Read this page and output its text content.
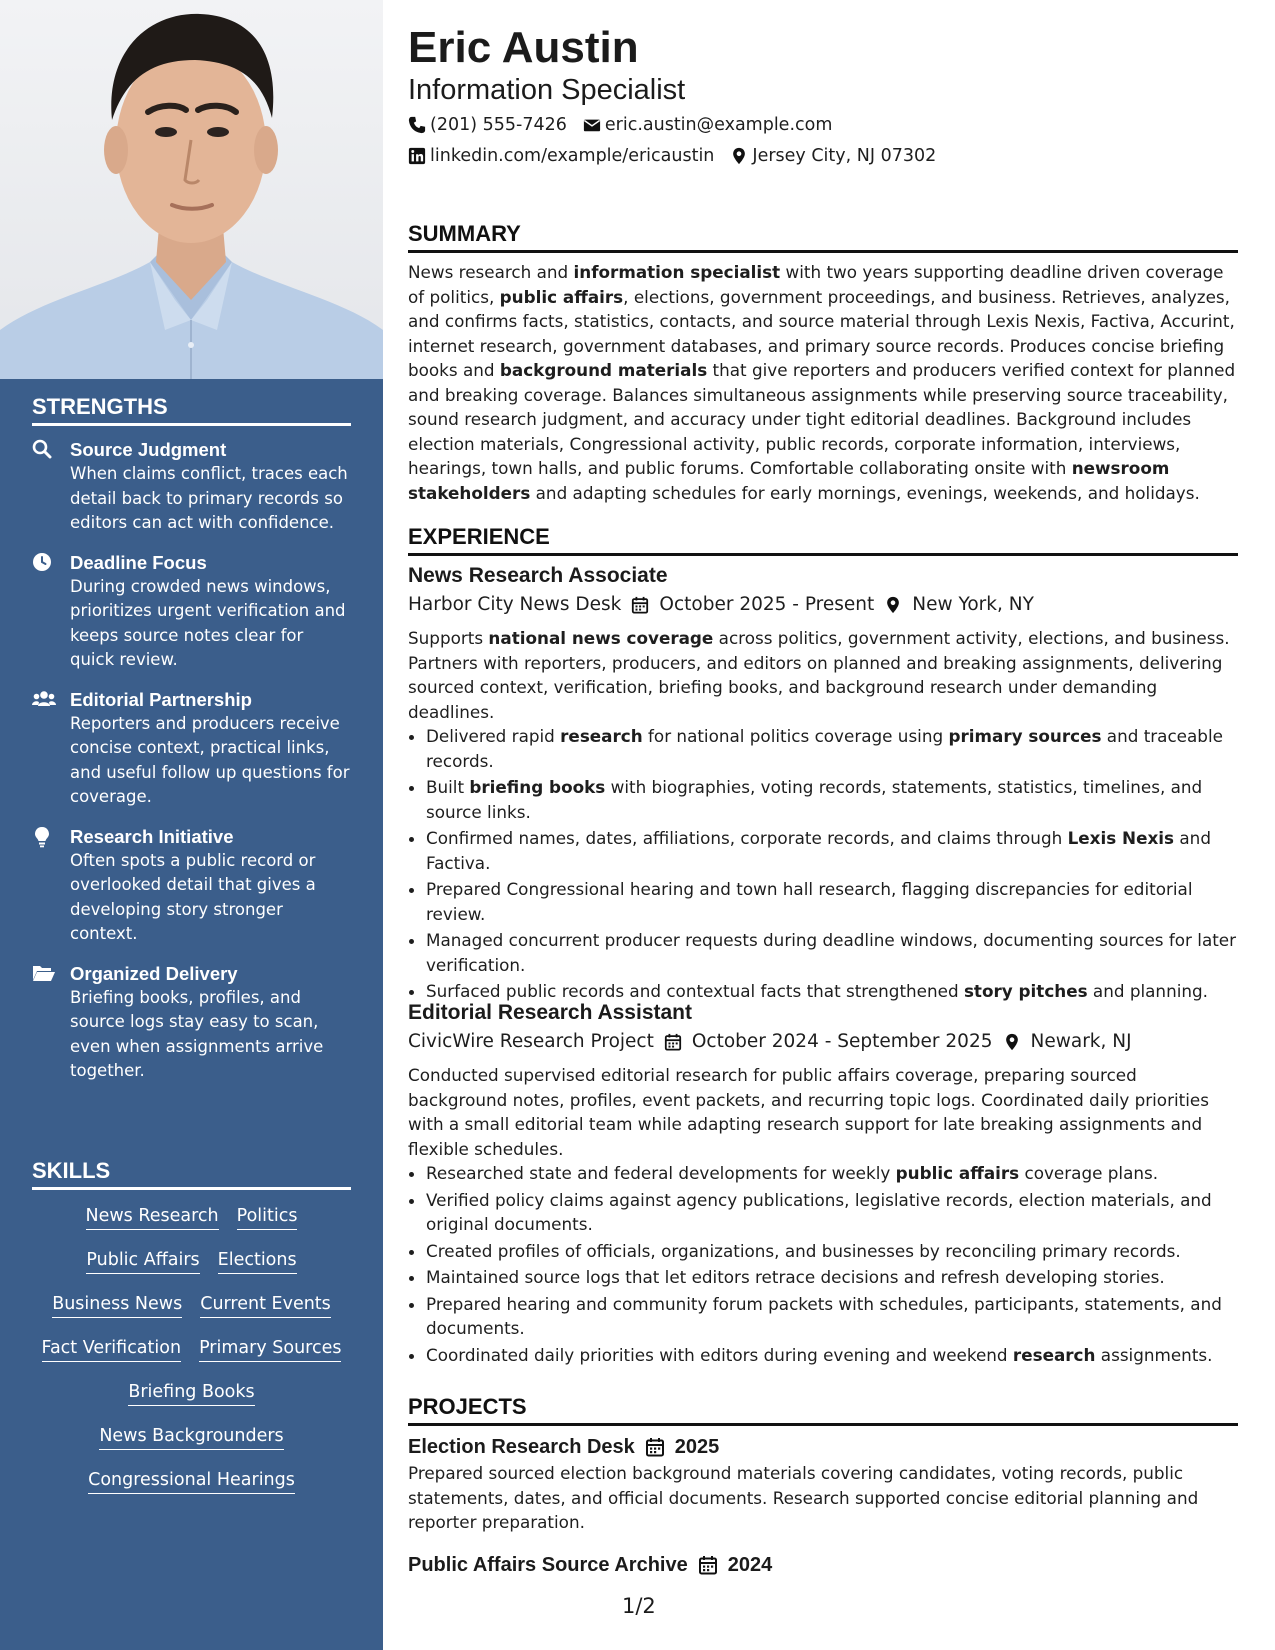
STRENGTHS
Source Judgment
When claims conflict, traces each detail back to primary records so editors can act with confidence.
Deadline Focus
During crowded news windows, prioritizes urgent verification and keeps source notes clear for quick review.
Editorial Partnership
Reporters and producers receive concise context, practical links, and useful follow up questions for coverage.
Research Initiative
Often spots a public record or overlooked detail that gives a developing story stronger context.
Organized Delivery
Briefing books, profiles, and source logs stay easy to scan, even when assignments arrive together.
SKILLS
News Research Politics
Public Affairs Elections
Business News Current Events
Fact Verification Primary Sources
Briefing Books
News Backgrounders
Congressional Hearings
Eric Austin
Information Specialist
(201) 555-7426 eric.austin@example.com
linkedin.com/example/ericaustin Jersey City, NJ 07302
SUMMARY

News research and information specialist with two years supporting deadline driven coverage of politics, public affairs, elections, government proceedings, and business. Retrieves, analyzes, and confirms facts, statistics, contacts, and source material through Lexis Nexis, Factiva, Accurint, internet research, government databases, and primary source records. Produces concise briefing books and background materials that give reporters and producers verified context for planned and breaking coverage. Balances simultaneous assignments while preserving source traceability, sound research judgment, and accuracy under tight editorial deadlines. Background includes election materials, Congressional activity, public records, corporate information, interviews, hearings, town halls, and public forums. Comfortable collaborating onsite with newsroom stakeholders and adapting schedules for early mornings, evenings, weekends, and holidays.

EXPERIENCE
News Research Associate
Harbor City News Desk October 2025 - Present New York, NY

Supports national news coverage across politics, government activity, elections, and business. Partners with reporters, producers, and editors on planned and breaking assignments, delivering sourced context, verification, briefing books, and background research under demanding deadlines.

• Delivered rapid research for national politics coverage using primary sources and traceable records.
• Built briefing books with biographies, voting records, statements, statistics, timelines, and source links.
• Confirmed names, dates, affiliations, corporate records, and claims through Lexis Nexis and Factiva.
• Prepared Congressional hearing and town hall research, flagging discrepancies for editorial review.
• Managed concurrent producer requests during deadline windows, documenting sources for later verification.
• Surfaced public records and contextual facts that strengthened story pitches and planning.
Editorial Research Assistant
CivicWire Research Project October 2024 - September 2025 Newark, NJ

Conducted supervised editorial research for public affairs coverage, preparing sourced background notes, profiles, event packets, and recurring topic logs. Coordinated daily priorities with a small editorial team while adapting research support for late breaking assignments and flexible schedules.

• Researched state and federal developments for weekly public affairs coverage plans.
• Verified policy claims against agency publications, legislative records, election materials, and original documents.
• Created profiles of officials, organizations, and businesses by reconciling primary records.
• Maintained source logs that let editors retrace decisions and refresh developing stories.
• Prepared hearing and community forum packets with schedules, participants, statements, and documents.
• Coordinated daily priorities with editors during evening and weekend research assignments.
PROJECTS
Election Research Desk 2025

Prepared sourced election background materials covering candidates, voting records, public statements, dates, and official documents. Research supported concise editorial planning and reporter preparation.

Public Affairs Source Archive 2024
1/2
